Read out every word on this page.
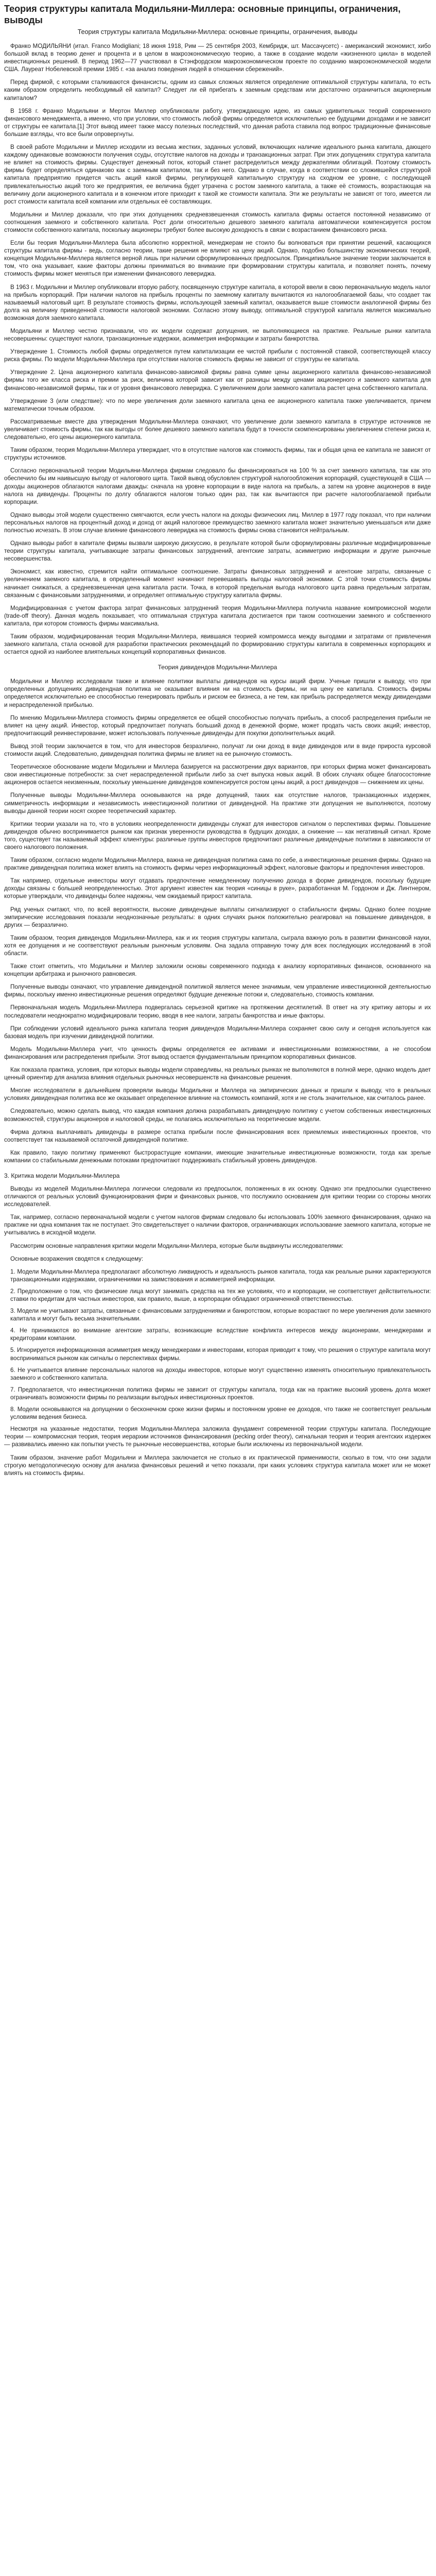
Теория структуры капитала Модильяни-Миллера: основные принципы, ограничения, выводы
Теория структуры капитала Модильяни-Миллера: основные принципы, ограничения, выводы

Франко МОДИЛЬЯНИ (итал. Franco Modigliani; 18 июня 1918, Рим — 25 сентября 2003, Кембридж, шт. Массачусетс) - американский экономист, хибо большой вклад в теорию денег и процента и в целом в макроэкономическую теорию, а также в создание модели «жизненного цикла» в моделей инвестиционных решений. В период 1962—77 участвовал в Стэнфордском макроэкономическом проекте по созданию макроэкономической модели США. Лауреат Нобелевской премии 1985 г. «за анализ поведения людей в отношении сбережений».

Перед фирмой, с которыми сталкиваются финансисты, одним из самых сложных является определение оптимальной структуры капитала, то есть каким образом определить необходимый ей капитал? Следует ли ей прибегать к заемным средствам или достаточно ограничиться акционерным капиталом?

В 1958 г. Франко Модильяни и Мертон Миллер опубликовали работу, утверждающую идею, из самых удивительных теорий современного финансового менеджмента, а именно, что при условии, что стоимость любой фирмы определяется исключительно ее будущими доходами и не зависит от структуры ее капитала.[1] Этот вывод имеет также массу полезных последствий, что данная работа ставила под вопрос традиционные финансовые большие взгляды, что все были опровергнуты.

В своей работе Модильяни и Миллер исходили из весьма жестких, заданных условий, включающих наличие идеального рынка капитала, дающего каждому одинаковые возможности получения ссуды, отсутствие налогов на доходы и транзакционных затрат. При этих допущениях структура капитала не влияет на стоимость фирмы. Существует денежный поток, который станет распределиться между держателями облигаций. Поэтому стоимость фирмы будет определяться одинаково как с заемным капиталом, так и без него. Однако в случае, когда в соответствии со сложившейся структурой капитала предприятию придется часть акций какой фирмы, регулирующей капитальную структуру на сходном ее уровне, с последующей привлекательностью акций того же предприятия, ее величина будет утрачена с ростом заемного капитала, а также её стоимость, возрастающая на величину доли акционерного капитала и в конечном итоге приходит к такой же стоимости капитала. Эти же результаты не зависят от того, имеется ли рост стоимости капитала всей компании или отдельных её составляющих.

Модильяни и Миллер доказали, что при этих допущениях средневзвешенная стоимость капитала фирмы остается постоянной независимо от соотношения заемного и собственного капитала. Рост доли относительно дешевого заемного капитала автоматически компенсируется ростом стоимости собственного капитала, поскольку акционеры требуют более высокую доходность в связи с возрастанием финансового риска.

Если бы теория Модильяни-Миллера была абсолютно корректной, менеджерам не стоило бы волноваться при принятии решений, касающихся структуры капитала фирмы - ведь, согласно теории, такие решения не влияют на цену акций. Однако, подобно большинству экономических теорий, концепция Модильяни-Миллера является верной лишь при наличии сформулированных предпосылок. Принципиальное значение теории заключается в том, что она указывает, какие факторы должны приниматься во внимание при формировании структуры капитала, и позволяет понять, почему стоимость фирмы может меняться при изменении финансового левериджа.

В 1963 г. Модильяни и Миллер опубликовали вторую работу, посвященную структуре капитала, в которой ввели в свою первоначальную модель налог на прибыль корпораций. При наличии налогов на прибыль проценты по заемному капиталу вычитаются из налогооблагаемой базы, что создает так называемый налоговый щит. В результате стоимость фирмы, использующей заемный капитал, оказывается выше стоимости аналогичной фирмы без долга на величину приведенной стоимости налоговой экономии. Согласно этому выводу, оптимальной структурой капитала является максимально возможная доля заемного капитала.

Модильяни и Миллер честно признавали, что их модели содержат допущения, не выполняющиеся на практике. Реальные рынки капитала несовершенны: существуют налоги, транзакционные издержки, асимметрия информации и затраты банкротства.

Утверждение 1. Стоимость любой фирмы определяется путем капитализации ее чистой прибыли с постоянной ставкой, соответствующей классу риска фирмы. По модели Модильяни-Миллера при отсутствии налогов стоимость фирмы не зависит от структуры ее капитала.

Утверждение 2. Цена акционерного капитала финансово-зависимой фирмы равна сумме цены акционерного капитала финансово-независимой фирмы того же класса риска и премии за риск, величина которой зависит как от разницы между ценами акционерного и заемного капитала для финансово-независимой фирмы, так и от уровня финансового левериджа. С увеличением доли заемного капитала растет цена собственного капитала.

Утверждение 3 (или следствие): что по мере увеличения доли заемного капитала цена ее акционерного капитала также увеличивается, причем математически точным образом.

Рассматриваемые вместе два утверждения Модильяни-Миллера означают, что увеличение доли заемного капитала в структуре источников не увеличивает стоимость фирмы, так как выгоды от более дешевого заемного капитала будут в точности скомпенсированы увеличением степени риска и, следовательно, его цены акционерного капитала.

Таким образом, теория Модильяни-Миллера утверждает, что в отсутствие налогов как стоимость фирмы, так и общая цена ее капитала не зависят от структуры источников.

Согласно первоначальной теории Модильяни-Миллера фирмам следовало бы финансироваться на 100 % за счет заемного капитала, так как это обеспечило бы им наивысшую выгоду от налогового щита. Такой вывод обусловлен структурой налогообложения корпораций, существующей в США — доходы акционеров облагаются налогами дважды: сначала на уровне корпорации в виде налога на прибыль, а затем на уровне акционеров в виде налога на дивиденды. Проценты по долгу облагаются налогом только один раз, так как вычитаются при расчете налогооблагаемой прибыли корпорации.

Однако выводы этой модели существенно смягчаются, если учесть налоги на доходы физических лиц. Миллер в 1977 году показал, что при наличии персональных налогов на процентный доход и доход от акций налоговое преимущество заемного капитала может значительно уменьшаться или даже полностью исчезать. В этом случае влияние финансового левериджа на стоимость фирмы снова становится нейтральным.

Однако выводы работ в капитале фирмы вызвали широкую дискуссию, в результате которой были сформулированы различные модифицированные теории структуры капитала, учитывающие затраты финансовых затруднений, агентские затраты, асимметрию информации и другие рыночные несовершенства.

Экономист, как известно, стремится найти оптимальное соотношение. Затраты финансовых затруднений и агентские затраты, связанные с увеличением заемного капитала, в определенный момент начинают перевешивать выгоды налоговой экономии. С этой точки стоимость фирмы начинает снижаться, а средневзвешенная цена капитала расти. Точка, в которой предельная выгода налогового щита равна предельным затратам, связанным с финансовыми затруднениями, и определяет оптимальную структуру капитала фирмы.

Модифицированная с учетом фактора затрат финансовых затруднений теория Модильяни-Миллера получила название компромиссной модели (trade-off theory). Данная модель показывает, что оптимальная структура капитала достигается при таком соотношении заемного и собственного капитала, при котором стоимость фирмы максимальна.

Таким образом, модифицированная теория Модильяни-Миллера, явившаяся теорией компромисса между выгодами и затратами от привлечения заемного капитала, стала основой для разработки практических рекомендаций по формированию структуры капитала в современных корпорациях и остается одной из наиболее влиятельных концепций корпоративных финансов.

Теория дивидендов Модильяни-Миллера

Модильяни и Миллер исследовали также и влияние политики выплаты дивидендов на курсы акций фирм. Ученые пришли к выводу, что при определенных допущениях дивидендная политика не оказывает влияния ни на стоимость фирмы, ни на цену ее капитала. Стоимость фирмы определяется исключительно ее способностью генерировать прибыль и риском ее бизнеса, а не тем, как прибыль распределяется между дивидендами и нераспределенной прибылью.

По мнению Модильяни-Миллера стоимость фирмы определяется ее общей способностью получать прибыль, а способ распределения прибыли не влияет на цену акций. Инвестор, который предпочитает получать больший доход в денежной форме, может продать часть своих акций; инвестор, предпочитающий реинвестирование, может использовать полученные дивиденды для покупки дополнительных акций.

Вывод этой теории заключается в том, что для инвесторов безразлично, получат ли они доход в виде дивидендов или в виде прироста курсовой стоимости акций. Следовательно, дивидендная политика фирмы не влияет на ее рыночную стоимость.

Теоретическое обоснование модели Модильяни и Миллера базируется на рассмотрении двух вариантов, при которых фирма может финансировать свои инвестиционные потребности: за счет нераспределенной прибыли либо за счет выпуска новых акций. В обоих случаях общее благосостояние акционеров остается неизменным, поскольку уменьшение дивидендов компенсируется ростом цены акций, а рост дивидендов — снижением их цены.

Полученные выводы Модильяни-Миллера основываются на ряде допущений, таких как отсутствие налогов, транзакционных издержек, симметричность информации и независимость инвестиционной политики от дивидендной. На практике эти допущения не выполняются, поэтому выводы данной теории носят скорее теоретический характер.

Критики теории указали на то, что в условиях неопределенности дивиденды служат для инвесторов сигналом о перспективах фирмы. Повышение дивидендов обычно воспринимается рынком как признак уверенности руководства в будущих доходах, а снижение — как негативный сигнал. Кроме того, существует так называемый эффект клиентуры: различные группы инвесторов предпочитают различные дивидендные политики в зависимости от своего налогового положения.

Таким образом, согласно модели Модильяни-Миллера, важна не дивидендная политика сама по себе, а инвестиционные решения фирмы. Однако на практике дивидендная политика может влиять на стоимость фирмы через информационный эффект, налоговые факторы и предпочтения инвесторов.

Так например, отдельные инвесторы могут отдавать предпочтение немедленному получению дохода в форме дивидендов, поскольку будущие доходы связаны с большей неопределенностью. Этот аргумент известен как теория «синицы в руке», разработанная М. Гордоном и Дж. Линтнером, которые утверждали, что дивиденды более надежны, чем ожидаемый прирост капитала.

Ряд ученых считают, что, по всей вероятности, высокие дивидендные выплаты сигнализируют о стабильности фирмы. Однако более поздние эмпирические исследования показали неоднозначные результаты: в одних случаях рынок положительно реагировал на повышение дивидендов, в других — безразлично.

Таким образом, теория дивидендов Модильяни-Миллера, как и их теория структуры капитала, сыграла важную роль в развитии финансовой науки, хотя ее допущения и не соответствуют реальным рыночным условиям. Она задала отправную точку для всех последующих исследований в этой области.

Также стоит отметить, что Модильяни и Миллер заложили основы современного подхода к анализу корпоративных финансов, основанного на концепции арбитража и рыночного равновесия.

Полученные выводы означают, что управление дивидендной политикой является менее значимым, чем управление инвестиционной деятельностью фирмы, поскольку именно инвестиционные решения определяют будущие денежные потоки и, следовательно, стоимость компании.

Первоначальная модель Модильяни-Миллера подвергалась серьезной критике на протяжении десятилетий. В ответ на эту критику авторы и их последователи неоднократно модифицировали теорию, вводя в нее налоги, затраты банкротства и иные факторы.

При соблюдении условий идеального рынка капитала теория дивидендов Модильяни-Миллера сохраняет свою силу и сегодня используется как базовая модель при изучении дивидендной политики.

Модель Модильяни-Миллера учит, что ценность фирмы определяется ее активами и инвестиционными возможностями, а не способом финансирования или распределения прибыли. Этот вывод остается фундаментальным принципом корпоративных финансов.

Как показала практика, условия, при которых выводы модели справедливы, на реальных рынках не выполняются в полной мере, однако модель дает ценный ориентир для анализа влияния отдельных рыночных несовершенств на финансовые решения.

Многие исследователи в дальнейшем проверяли выводы Модильяни и Миллера на эмпирических данных и пришли к выводу, что в реальных условиях дивидендная политика все же оказывает определенное влияние на стоимость компаний, хотя и не столь значительное, как считалось ранее.

Следовательно, можно сделать вывод, что каждая компания должна разрабатывать дивидендную политику с учетом собственных инвестиционных возможностей, структуры акционеров и налоговой среды, не полагаясь исключительно на теоретические модели.

Фирма должна выплачивать дивиденды в размере остатка прибыли после финансирования всех приемлемых инвестиционных проектов, что соответствует так называемой остаточной дивидендной политике.

Как правило, такую политику применяют быстрорастущие компании, имеющие значительные инвестиционные возможности, тогда как зрелые компании со стабильными денежными потоками предпочитают поддерживать стабильный уровень дивидендов.

3. Критика модели Модильяни-Миллера

Выводы из моделей Модильяни-Миллера логически следовали из предпосылок, положенных в их основу. Однако эти предпосылки существенно отличаются от реальных условий функционирования фирм и финансовых рынков, что послужило основанием для критики теории со стороны многих исследователей.

Так, например, согласно первоначальной модели с учетом налогов фирмам следовало бы использовать 100% заемного финансирования, однако на практике ни одна компания так не поступает. Это свидетельствует о наличии факторов, ограничивающих использование заемного капитала, которые не учитывались в исходной модели.

Рассмотрим основные направления критики модели Модильяни-Миллера, которые были выдвинуты исследователями:

Основные возражения сводятся к следующему:

1. Модели Модильяни-Миллера предполагают абсолютную ликвидность и идеальность рынков капитала, тогда как реальные рынки характеризуются транзакционными издержками, ограничениями на заимствования и асимметрией информации.

2. Предположение о том, что физические лица могут занимать средства на тех же условиях, что и корпорации, не соответствует действительности: ставки по кредитам для частных инвесторов, как правило, выше, а корпорации обладают ограниченной ответственностью.

3. Модели не учитывают затраты, связанные с финансовыми затруднениями и банкротством, которые возрастают по мере увеличения доли заемного капитала и могут быть весьма значительными.

4. Не принимаются во внимание агентские затраты, возникающие вследствие конфликта интересов между акционерами, менеджерами и кредиторами компании.

5. Игнорируется информационная асимметрия между менеджерами и инвесторами, которая приводит к тому, что решения о структуре капитала могут восприниматься рынком как сигналы о перспективах фирмы.

6. Не учитывается влияние персональных налогов на доходы инвесторов, которые могут существенно изменять относительную привлекательность заемного и собственного капитала.

7. Предполагается, что инвестиционная политика фирмы не зависит от структуры капитала, тогда как на практике высокий уровень долга может ограничивать возможности фирмы по реализации выгодных инвестиционных проектов.

8. Модели основываются на допущении о бесконечном сроке жизни фирмы и постоянном уровне ее доходов, что также не соответствует реальным условиям ведения бизнеса.

Несмотря на указанные недостатки, теория Модильяни-Миллера заложила фундамент современной теории структуры капитала. Последующие теории — компромиссная теория, теория иерархии источников финансирования (pecking order theory), сигнальная теория и теория агентских издержек — развивались именно как попытки учесть те рыночные несовершенства, которые были исключены из первоначальной модели.

Таким образом, значение работ Модильяни и Миллера заключается не столько в их практической применимости, сколько в том, что они задали строгую методологическую основу для анализа финансовых решений и четко показали, при каких условиях структура капитала может или не может влиять на стоимость фирмы.
